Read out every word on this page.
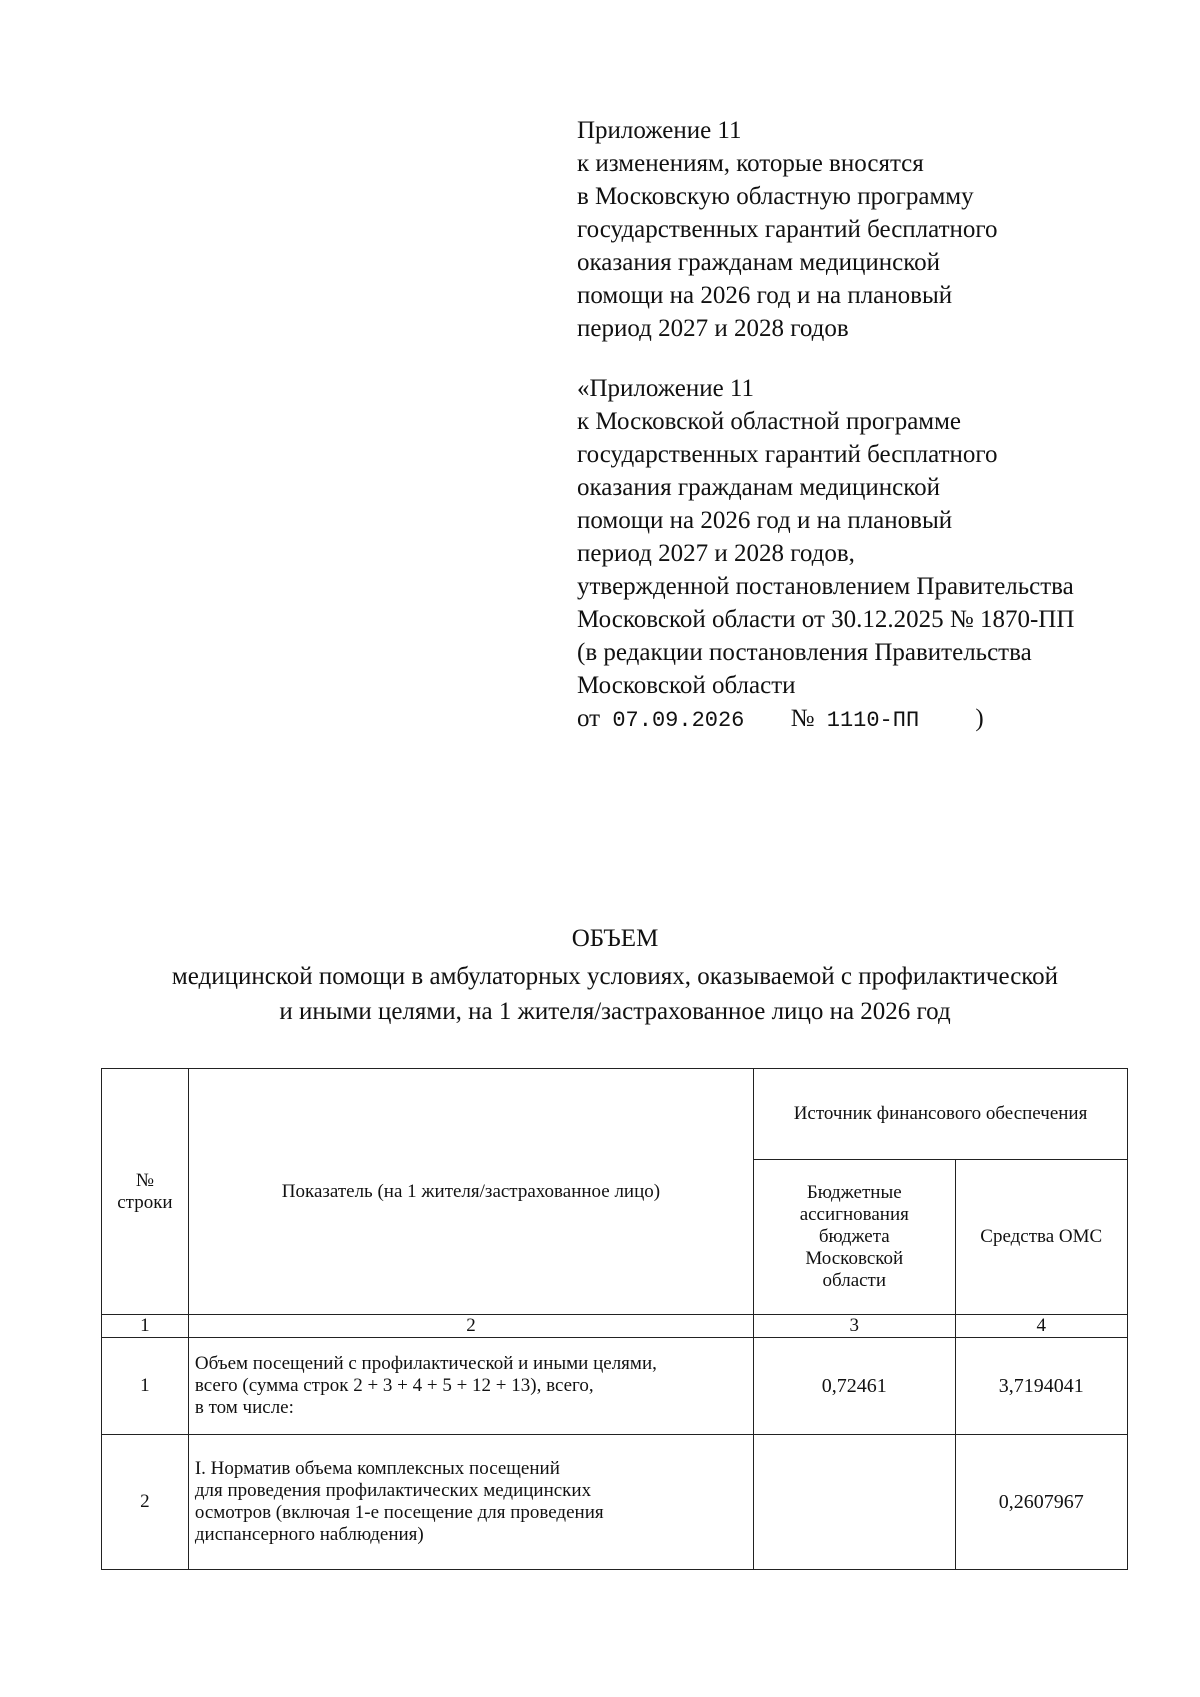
Приложение 11
к изменениям, которые вносятся
в Московскую областную программу
государственных гарантий бесплатного
оказания гражданам медицинской
помощи на 2026 год и на плановый
период 2027 и 2028 годов
«Приложение 11
к Московской областной программе
государственных гарантий бесплатного
оказания гражданам медицинской
помощи на 2026 год и на плановый
период 2027 и 2028 годов,
утвержденной постановлением Правительства
Московской области от 30.12.2025 № 1870-ПП
(в редакции постановления Правительства
Московской области
от 07.09.2026 № 1110-ПП )
ОБЪЕМ
медицинской помощи в амбулаторных условиях, оказываемой с профилактической
и иными целями, на 1 жителя/застрахованное лицо на 2026 год
№
строки	Показатель (на 1 жителя/застрахованное лицо)	Источник финансового обеспечения	
		Бюджетные
ассигнования
бюджета
Московской
области	Средства ОМС
1	2	3	4
1	Объем посещений с профилактической и иными целями,
всего (сумма строк 2 + 3 + 4 + 5 + 12 + 13), всего,
в том числе:	0,72461	3,7194041
2	I. Норматив объема комплексных посещений
для проведения профилактических медицинских
осмотров (включая 1-е посещение для проведения
диспансерного наблюдения)		0,2607967
